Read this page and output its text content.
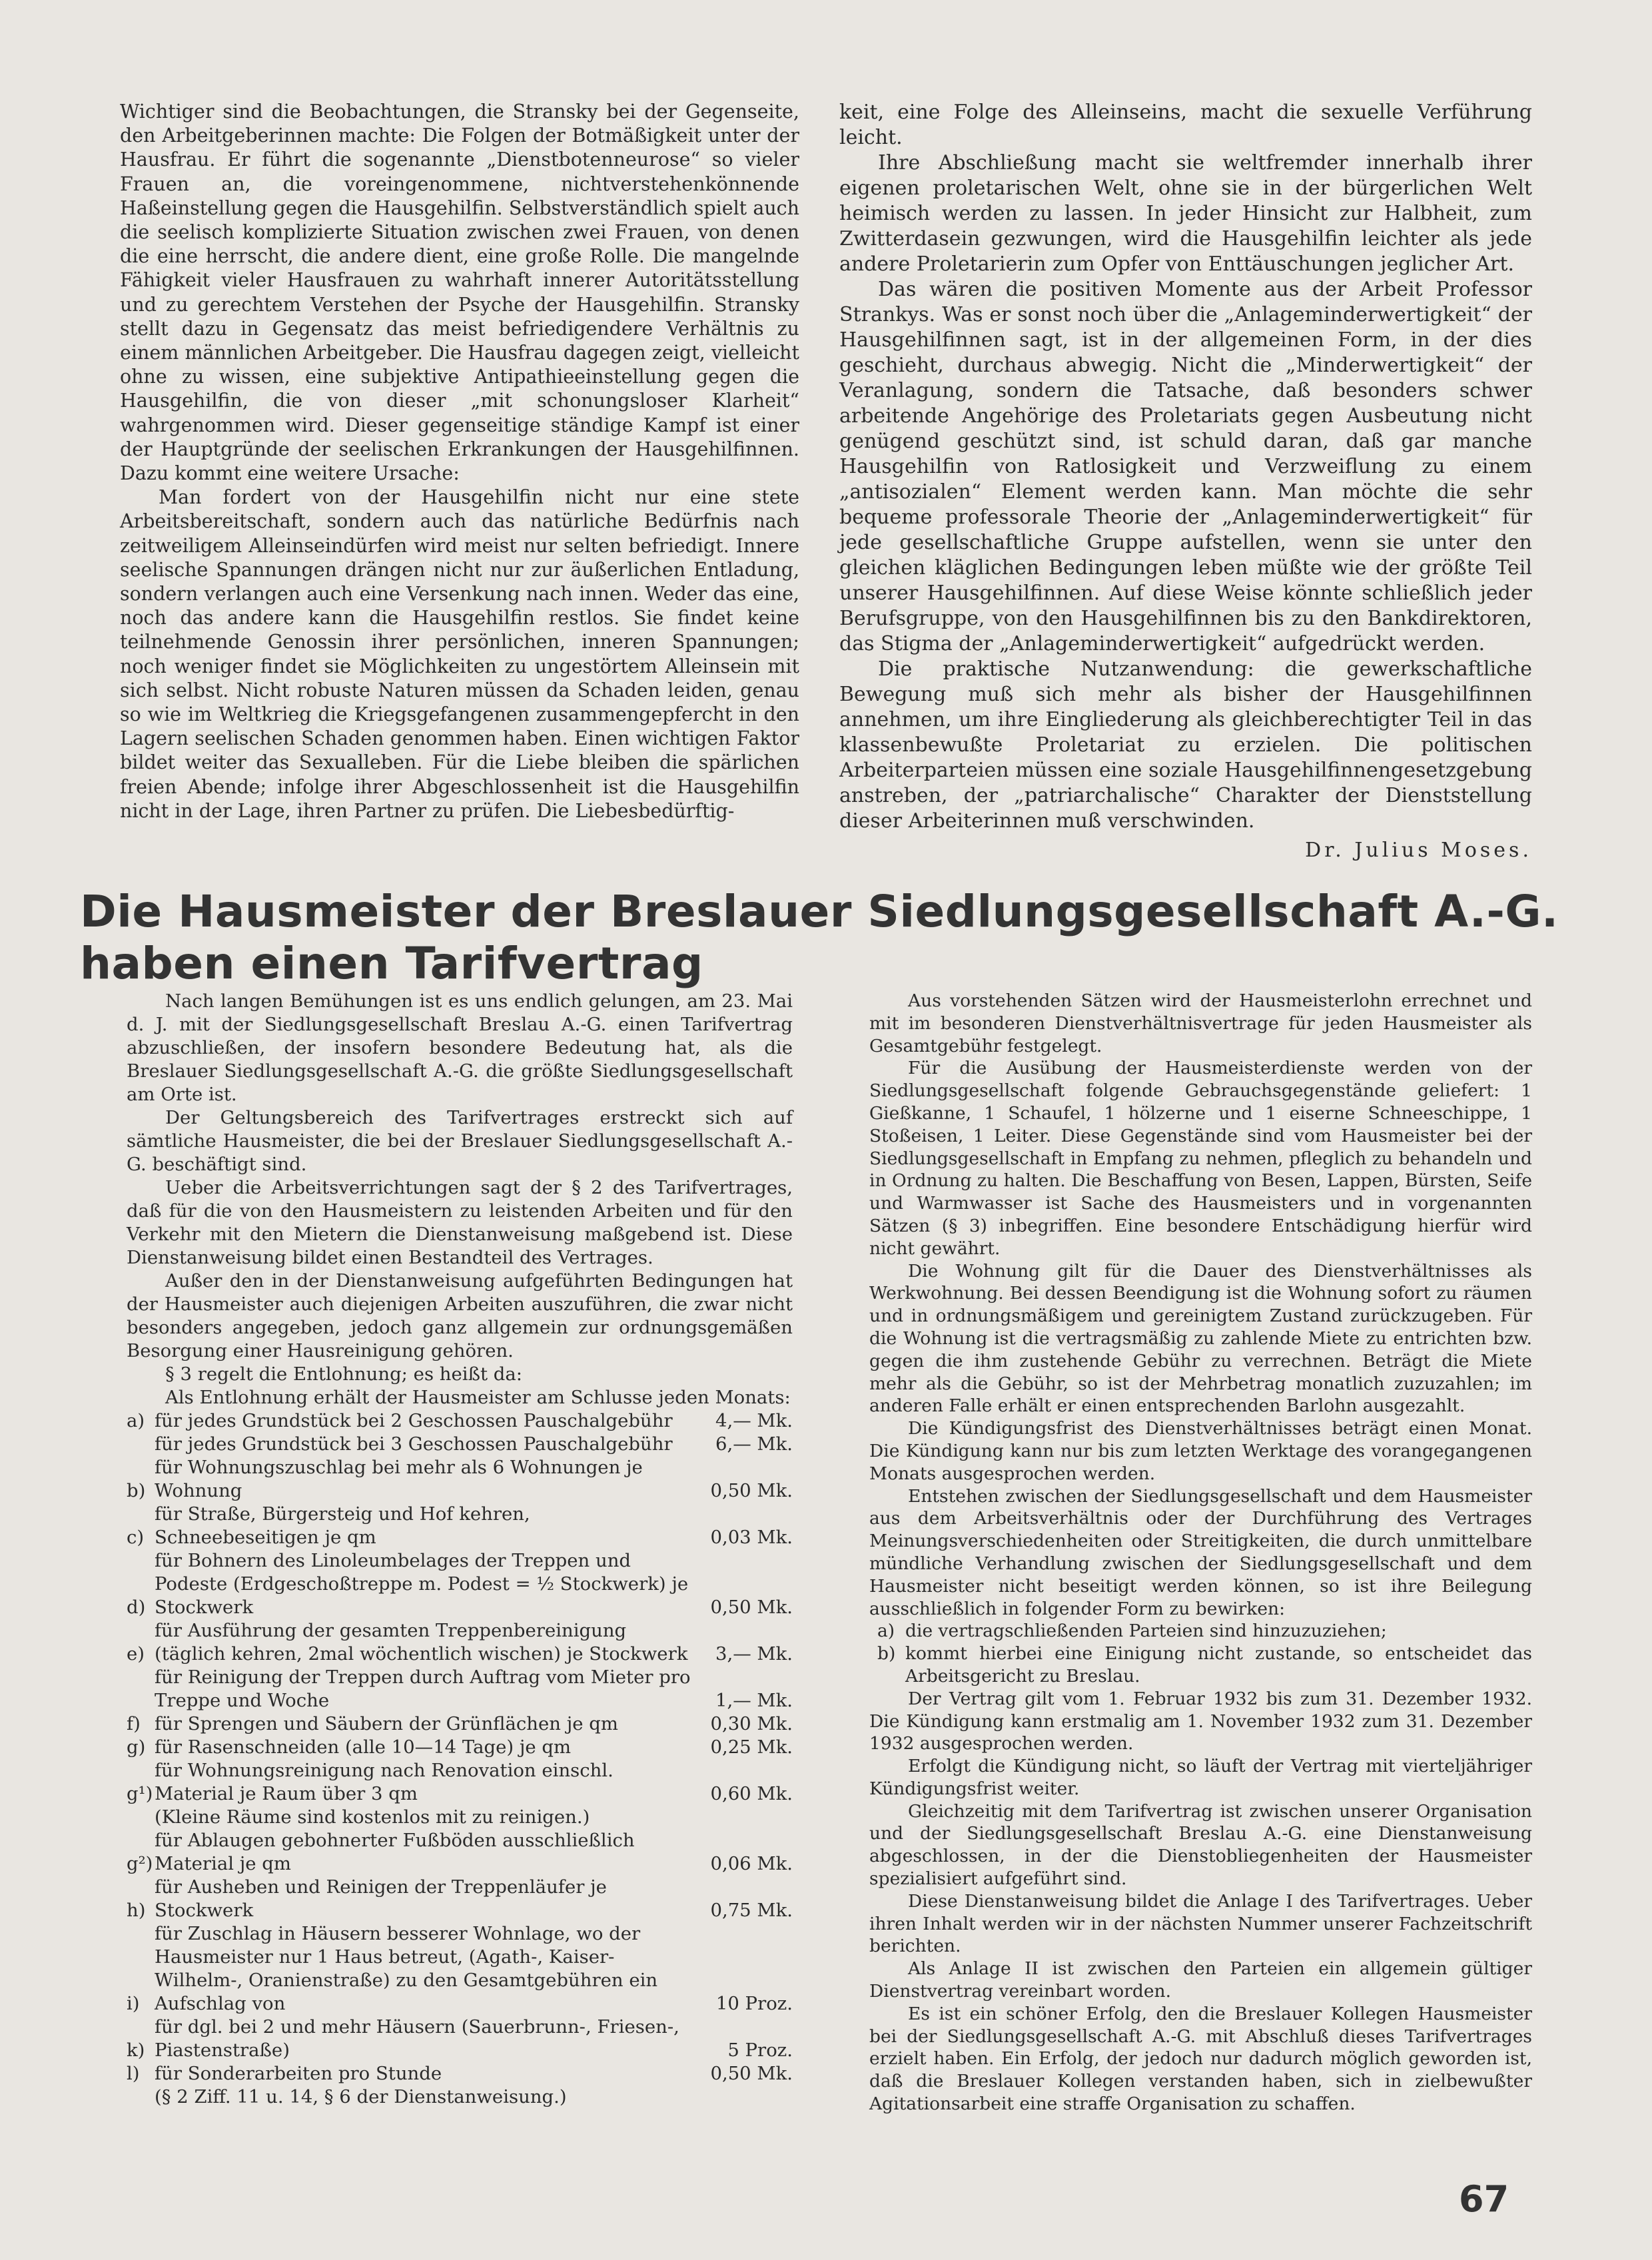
Wichtiger sind die Beobachtungen, die Stransky bei der Gegenseite, den Arbeitgeberinnen machte: Die Folgen der Botmäßigkeit unter der Hausfrau. Er führt die sogenannte „Dienstbotenneurose“ so vieler Frauen an, die voreingenommene, nichtverstehenkönnende Haßeinstellung gegen die Hausgehilfin. Selbstverständlich spielt auch die seelisch komplizierte Situation zwischen zwei Frauen, von denen die eine herrscht, die andere dient, eine große Rolle. Die mangelnde Fähigkeit vieler Hausfrauen zu wahrhaft innerer Autoritätsstellung und zu gerechtem Verstehen der Psyche der Hausgehilfin. Stransky stellt dazu in Gegensatz das meist befriedigendere Verhältnis zu einem männlichen Arbeitgeber. Die Hausfrau dagegen zeigt, vielleicht ohne zu wissen, eine subjektive Antipathieeinstellung gegen die Hausgehilfin, die von dieser „mit schonungsloser Klarheit“ wahrgenommen wird. Dieser gegenseitige ständige Kampf ist einer der Hauptgründe der seelischen Erkrankungen der Hausgehilfinnen. Dazu kommt eine weitere Ursache:

Man fordert von der Hausgehilfin nicht nur eine stete Arbeitsbereitschaft, sondern auch das natürliche Bedürfnis nach zeitweiligem Alleinseindürfen wird meist nur selten befriedigt. Innere seelische Spannungen drängen nicht nur zur äußerlichen Entladung, sondern verlangen auch eine Versenkung nach innen. Weder das eine, noch das andere kann die Hausgehilfin restlos. Sie findet keine teilnehmende Genossin ihrer persönlichen, inneren Spannungen; noch weniger findet sie Möglichkeiten zu ungestörtem Alleinsein mit sich selbst. Nicht robuste Naturen müssen da Schaden leiden, genau so wie im Weltkrieg die Kriegsgefangenen zusammengepfercht in den Lagern seelischen Schaden genommen haben. Einen wichtigen Faktor bildet weiter das Sexualleben. Für die Liebe bleiben die spärlichen freien Abende; infolge ihrer Abgeschlossenheit ist die Hausgehilfin nicht in der Lage, ihren Partner zu prüfen. Die Liebesbedürftig-

keit, eine Folge des Alleinseins, macht die sexuelle Verführung leicht.

Ihre Abschließung macht sie weltfremder innerhalb ihrer eigenen proletarischen Welt, ohne sie in der bürgerlichen Welt heimisch werden zu lassen. In jeder Hinsicht zur Halbheit, zum Zwitterdasein gezwungen, wird die Hausgehilfin leichter als jede andere Proletarierin zum Opfer von Enttäuschungen jeglicher Art.

Das wären die positiven Momente aus der Arbeit Professor Strankys. Was er sonst noch über die „Anlageminderwertigkeit“ der Hausgehilfinnen sagt, ist in der allgemeinen Form, in der dies geschieht, durchaus abwegig. Nicht die „Minderwertigkeit“ der Veranlagung, sondern die Tatsache, daß besonders schwer arbeitende Angehörige des Proletariats gegen Ausbeutung nicht genügend geschützt sind, ist schuld daran, daß gar manche Hausgehilfin von Ratlosigkeit und Verzweiflung zu einem „antisozialen“ Element werden kann. Man möchte die sehr bequeme professorale Theorie der „Anlageminderwertigkeit“ für jede gesellschaftliche Gruppe aufstellen, wenn sie unter den gleichen kläglichen Bedingungen leben müßte wie der größte Teil unserer Hausgehilfinnen. Auf diese Weise könnte schließlich jeder Berufsgruppe, von den Hausgehilfinnen bis zu den Bankdirektoren, das Stigma der „Anlageminderwertigkeit“ aufgedrückt werden.

Die praktische Nutzanwendung: die gewerkschaftliche Bewegung muß sich mehr als bisher der Hausgehilfinnen annehmen, um ihre Eingliederung als gleichberechtigter Teil in das klassenbewußte Proletariat zu erzielen. Die politischen Arbeiterparteien müssen eine soziale Hausgehilfinnengesetzgebung anstreben, der „patriarchalische“ Charakter der Dienststellung dieser Arbeiterinnen muß verschwinden.

Dr. Julius Moses.

Die Hausmeister der Breslauer Siedlungsgesellschaft A.-G.
haben einen Tarifvertrag

Nach langen Bemühungen ist es uns endlich gelungen, am 23. Mai d. J. mit der Siedlungsgesellschaft Breslau A.-G. einen Tarifvertrag abzuschließen, der insofern besondere Bedeutung hat, als die Breslauer Siedlungsgesellschaft A.-G. die größte Siedlungsgesellschaft am Orte ist.

Der Geltungsbereich des Tarifvertrages erstreckt sich auf sämtliche Hausmeister, die bei der Breslauer Siedlungsgesellschaft A.-G. beschäftigt sind.

Ueber die Arbeitsverrichtungen sagt der § 2 des Tarifvertrages, daß für die von den Hausmeistern zu leistenden Arbeiten und für den Verkehr mit den Mietern die Dienstanweisung maßgebend ist. Diese Dienstanweisung bildet einen Bestandteil des Vertrages.

Außer den in der Dienstanweisung aufgeführten Bedingungen hat der Hausmeister auch diejenigen Arbeiten auszuführen, die zwar nicht besonders angegeben, jedoch ganz allgemein zur ordnungsgemäßen Besorgung einer Hausreinigung gehören.

§ 3 regelt die Entlohnung; es heißt da:

Als Entlohnung erhält der Hausmeister am Schlusse jeden Monats:

a) für jedes Grundstück bei 2 Geschossen Pauschalgebühr	4,— Mk.
für jedes Grundstück bei 3 Geschossen Pauschalgebühr	6,— Mk.
b)
für Wohnungszuschlag bei mehr als 6 Wohnungen je Wohnung	0,50 Mk.
c)
für Straße, Bürgersteig und Hof kehren, Schneebeseitigen je qm	0,03 Mk.
d)
für Bohnern des Linoleumbelages der Treppen und Podeste (Erdgeschoßtreppe m. Podest = ½ Stockwerk) je Stockwerk	0,50 Mk.
e)
für Ausführung der gesamten Treppenbereinigung (täglich kehren, 2mal wöchentlich wischen) je Stockwerk	3,— Mk.
für Reinigung der Treppen durch Auftrag vom Mieter pro Treppe und Woche	1,— Mk.
f) für Sprengen und Säubern der Grünflächen je qm	0,30 Mk.
g) für Rasenschneiden (alle 10—14 Tage) je qm	0,25 Mk.
g¹)
für Wohnungsreinigung nach Renovation einschl. Material je Raum über 3 qm	0,60 Mk.
(Kleine Räume sind kostenlos mit zu reinigen.)
g²)
für Ablaugen gebohnerter Fußböden ausschließlich Material je qm	0,06 Mk.
h)
für Ausheben und Reinigen der Treppenläufer je Stockwerk	0,75 Mk.
i)
für Zuschlag in Häusern besserer Wohnlage, wo der Hausmeister nur 1 Haus betreut, (Agath-, Kaiser-Wilhelm-, Oranienstraße) zu den Gesamtgebühren ein Aufschlag von	10 Proz.
k)
für dgl. bei 2 und mehr Häusern (Sauerbrunn-, Friesen-, Piastenstraße)	5 Proz.
l) für Sonderarbeiten pro Stunde	0,50 Mk.
(§ 2 Ziff. 11 u. 14, § 6 der Dienstanweisung.)

Aus vorstehenden Sätzen wird der Hausmeisterlohn errechnet und mit im besonderen Dienstverhältnisvertrage für jeden Hausmeister als Gesamtgebühr festgelegt.

Für die Ausübung der Hausmeisterdienste werden von der Siedlungsgesellschaft folgende Gebrauchsgegenstände geliefert: 1 Gießkanne, 1 Schaufel, 1 hölzerne und 1 eiserne Schneeschippe, 1 Stoßeisen, 1 Leiter. Diese Gegenstände sind vom Hausmeister bei der Siedlungsgesellschaft in Empfang zu nehmen, pfleglich zu behandeln und in Ordnung zu halten. Die Beschaffung von Besen, Lappen, Bürsten, Seife und Warmwasser ist Sache des Hausmeisters und in vorgenannten Sätzen (§ 3) inbegriffen. Eine besondere Entschädigung hierfür wird nicht gewährt.

Die Wohnung gilt für die Dauer des Dienstverhältnisses als Werkwohnung. Bei dessen Beendigung ist die Wohnung sofort zu räumen und in ordnungsmäßigem und gereinigtem Zustand zurückzugeben. Für die Wohnung ist die vertragsmäßig zu zahlende Miete zu entrichten bzw. gegen die ihm zustehende Gebühr zu verrechnen. Beträgt die Miete mehr als die Gebühr, so ist der Mehrbetrag monatlich zuzuzahlen; im anderen Falle erhält er einen entsprechenden Barlohn ausgezahlt.

Die Kündigungsfrist des Dienstverhältnisses beträgt einen Monat. Die Kündigung kann nur bis zum letzten Werktage des vorangegangenen Monats ausgesprochen werden.

Entstehen zwischen der Siedlungsgesellschaft und dem Hausmeister aus dem Arbeitsverhältnis oder der Durchführung des Vertrages Meinungsverschiedenheiten oder Streitigkeiten, die durch unmittelbare mündliche Verhandlung zwischen der Siedlungsgesellschaft und dem Hausmeister nicht beseitigt werden können, so ist ihre Beilegung ausschließlich in folgender Form zu bewirken:

a) die vertragschließenden Parteien sind hinzuzuziehen;
b) kommt hierbei eine Einigung nicht zustande, so entscheidet das Arbeitsgericht zu Breslau.

Der Vertrag gilt vom 1. Februar 1932 bis zum 31. Dezember 1932. Die Kündigung kann erstmalig am 1. November 1932 zum 31. Dezember 1932 ausgesprochen werden.

Erfolgt die Kündigung nicht, so läuft der Vertrag mit vierteljähriger Kündigungsfrist weiter.

Gleichzeitig mit dem Tarifvertrag ist zwischen unserer Organisation und der Siedlungsgesellschaft Breslau A.-G. eine Dienstanweisung abgeschlossen, in der die Dienstobliegenheiten der Hausmeister spezialisiert aufgeführt sind.

Diese Dienstanweisung bildet die Anlage I des Tarifvertrages. Ueber ihren Inhalt werden wir in der nächsten Nummer unserer Fachzeitschrift berichten.

Als Anlage II ist zwischen den Parteien ein allgemein gültiger Dienstvertrag vereinbart worden.

Es ist ein schöner Erfolg, den die Breslauer Kollegen Hausmeister bei der Siedlungsgesellschaft A.-G. mit Abschluß dieses Tarifvertrages erzielt haben. Ein Erfolg, der jedoch nur dadurch möglich geworden ist, daß die Breslauer Kollegen verstanden haben, sich in zielbewußter Agitationsarbeit eine straffe Organisation zu schaffen.

67
